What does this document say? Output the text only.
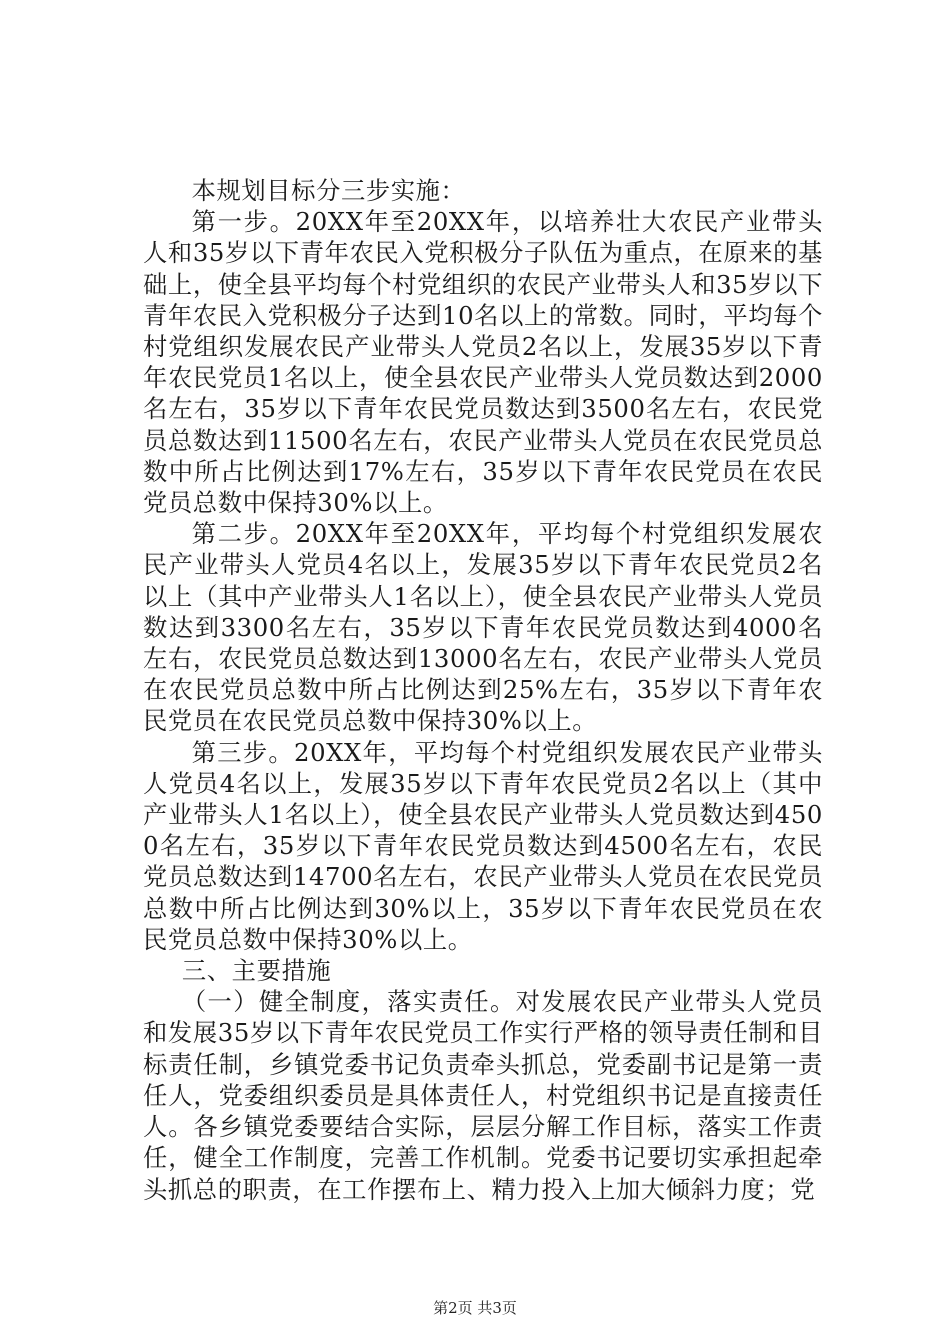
本规划目标分三步实施：

第一步。20XX年至20XX年，以培养壮大农民产业带头人和35岁以下青年农民入党积极分子队伍为重点，在原来的基础上，使全县平均每个村党组织的农民产业带头人和35岁以下青年农民入党积极分子达到10名以上的常数。同时，平均每个村党组织发展农民产业带头人党员2名以上，发展35岁以下青年农民党员1名以上，使全县农民产业带头人党员数达到2000名左右，35岁以下青年农民党员数达到3500名左右，农民党员总数达到11500名左右，农民产业带头人党员在农民党员总数中所占比例达到17%左右，35岁以下青年农民党员在农民党员总数中保持30%以上。

第二步。20XX年至20XX年，平均每个村党组织发展农民产业带头人党员4名以上，发展35岁以下青年农民党员2名以上（其中产业带头人1名以上），使全县农民产业带头人党员数达到3300名左右，35岁以下青年农民党员数达到4000名左右，农民党员总数达到13000名左右，农民产业带头人党员在农民党员总数中所占比例达到25%左右，35岁以下青年农民党员在农民党员总数中保持30%以上。

第三步。20XX年，平均每个村党组织发展农民产业带头人党员4名以上，发展35岁以下青年农民党员2名以上（其中产业带头人1名以上），使全县农民产业带头人党员数达到4500名左右，35岁以下青年农民党员数达到4500名左右，农民党员总数达到14700名左右，农民产业带头人党员在农民党员总数中所占比例达到30%以上，35岁以下青年农民党员在农民党员总数中保持30%以上。

三、主要措施

（一）健全制度，落实责任。对发展农民产业带头人党员和发展35岁以下青年农民党员工作实行严格的领导责任制和目标责任制，乡镇党委书记负责牵头抓总，党委副书记是第一责任人，党委组织委员是具体责任人，村党组织书记是直接责任人。各乡镇党委要结合实际，层层分解工作目标，落实工作责任，健全工作制度，完善工作机制。党委书记要切实承担起牵头抓总的职责，在工作摆布上、精力投入上加大倾斜力度；党

第2页 共3页
